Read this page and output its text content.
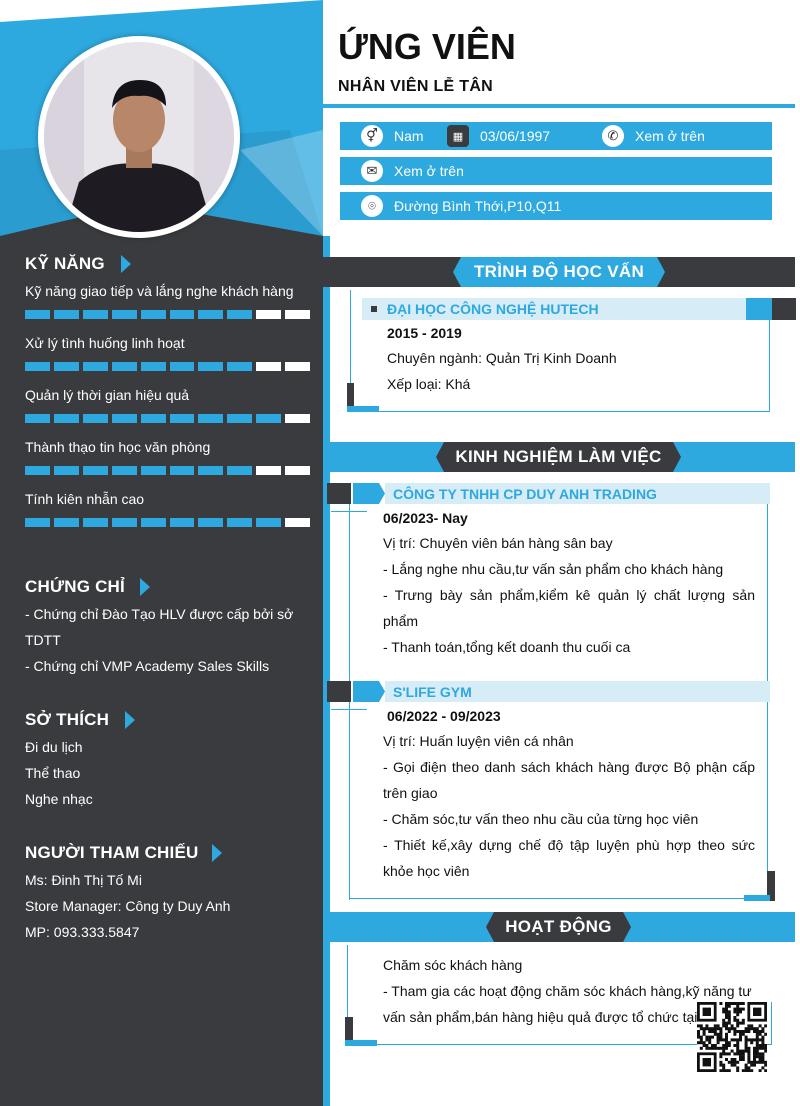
KỸ NĂNG
Kỹ năng giao tiếp và lắng nghe khách hàng
Xử lý tình huống linh hoạt
Quản lý thời gian hiệu quả
Thành thạo tin học văn phòng
Tính kiên nhẫn cao
CHỨNG CHỈ
- Chứng chỉ Đào Tạo HLV được cấp bởi sở
TDTT
- Chứng chỉ VMP Academy Sales Skills
SỞ THÍCH
Đi du lịch
Thể thao
Nghe nhạc
NGƯỜI THAM CHIẾU
Ms: Đinh Thị Tố Mi
Store Manager: Công ty Duy Anh
MP: 093.333.5847
ỨNG VIÊN
NHÂN VIÊN LỄ TÂN
⚥	Nam	▦	03/06/1997	✆	Xem ở trên
✉	Xem ở trên
⌾	Đường Bình Thới,P10,Q11
TRÌNH ĐỘ HỌC VẤN
ĐẠI HỌC CÔNG NGHỆ HUTECH
2015 - 2019
Chuyên ngành: Quản Trị Kinh Doanh
Xếp loại: Khá
KINH NGHIỆM LÀM VIỆC
CÔNG TY TNHH CP DUY ANH TRADING
06/2023- Nay
Vị trí: Chuyên viên bán hàng sân bay
- Lắng nghe nhu cầu,tư vấn sản phẩm cho khách hàng
- Trưng bày sản phẩm,kiểm kê quản lý chất lượng sản
phẩm
- Thanh toán,tổng kết doanh thu cuối ca
S'LIFE GYM
06/2022 - 09/2023
Vị trí: Huấn luyện viên cá nhân
- Gọi điện theo danh sách khách hàng được Bộ phận cấp
trên giao
- Chăm sóc,tư vấn theo nhu cầu của từng học viên
- Thiết kế,xây dựng chế độ tập luyện phù hợp theo sức
khỏe học viên
HOẠT ĐỘNG
Chăm sóc khách hàng
- Tham gia các hoạt động chăm sóc khách hàng,kỹ năng tư
vấn sản phẩm,bán hàng hiệu quả được tổ chức tại
